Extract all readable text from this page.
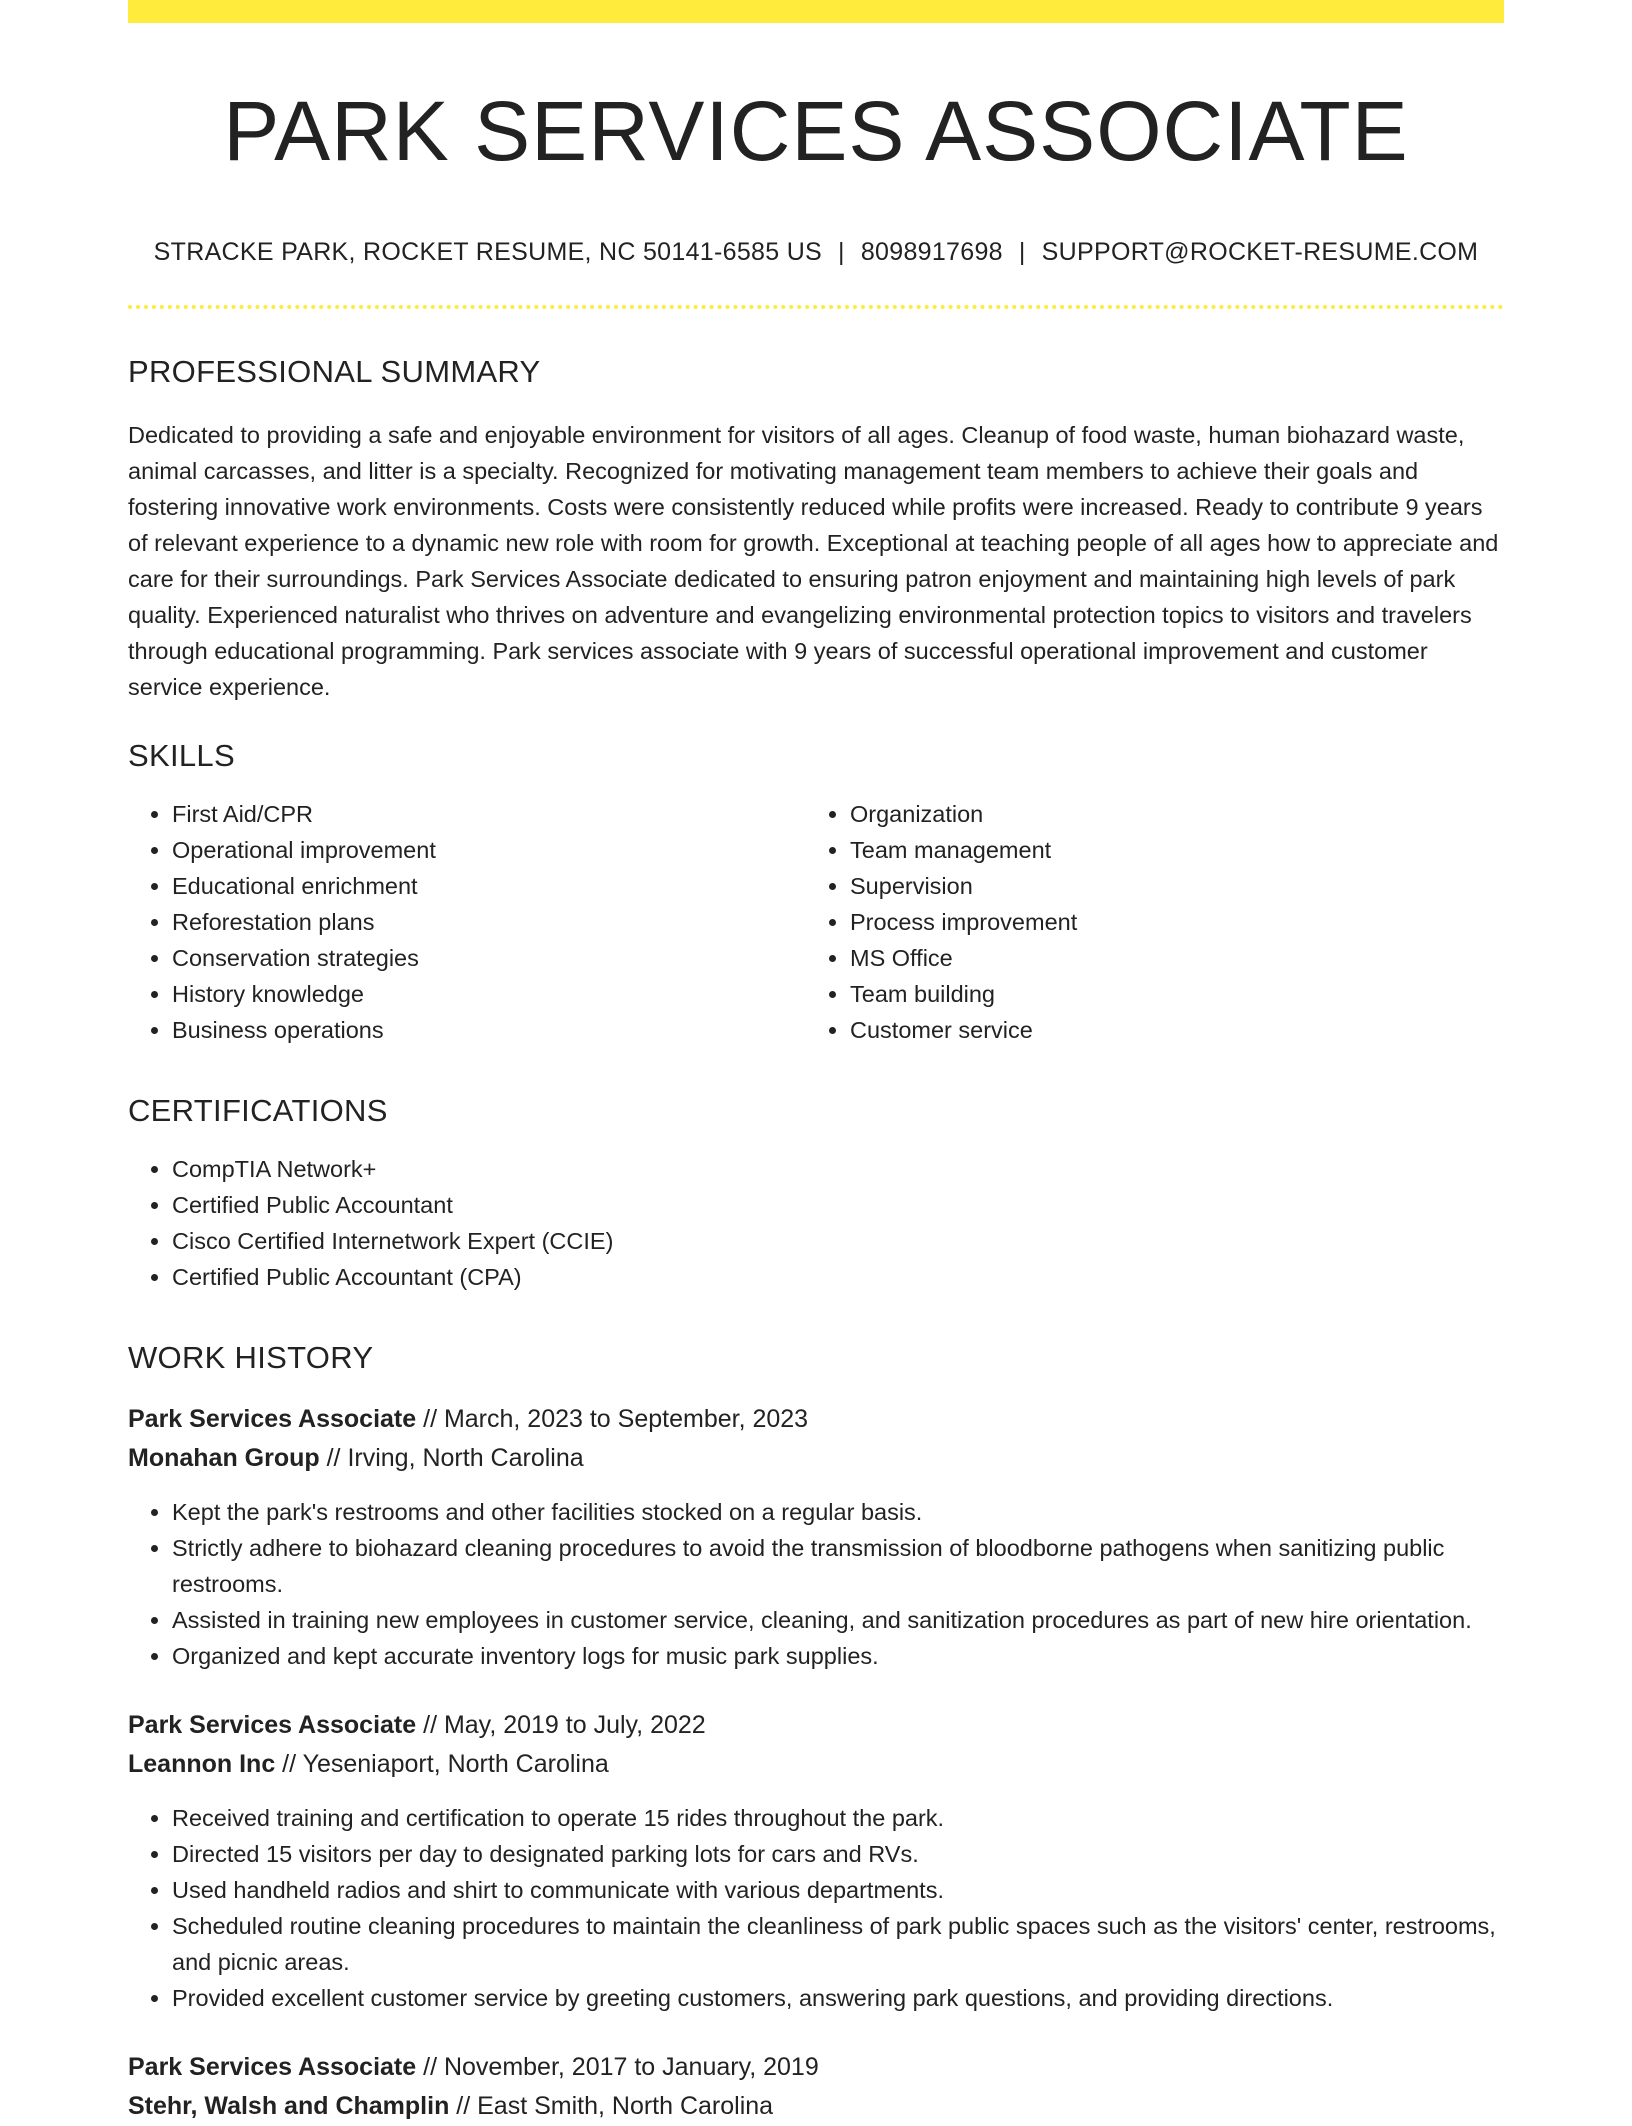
PARK SERVICES ASSOCIATE
STRACKE PARK, ROCKET RESUME, NC 50141-6585 US | 8098917698 | SUPPORT@ROCKET-RESUME.COM
PROFESSIONAL SUMMARY

Dedicated to providing a safe and enjoyable environment for visitors of all ages. Cleanup of food waste, human biohazard waste, animal carcasses, and litter is a specialty. Recognized for motivating management team members to achieve their goals and fostering innovative work environments. Costs were consistently reduced while profits were increased. Ready to contribute 9 years of relevant experience to a dynamic new role with room for growth. Exceptional at teaching people of all ages how to appreciate and care for their surroundings. Park Services Associate dedicated to ensuring patron enjoyment and maintaining high levels of park quality. Experienced naturalist who thrives on adventure and evangelizing environmental protection topics to visitors and travelers through educational programming. Park services associate with 9 years of successful operational improvement and customer service experience.

SKILLS
• First Aid/CPR
• Operational improvement
• Educational enrichment
• Reforestation plans
• Conservation strategies
• History knowledge
• Business operations
• Organization
• Team management
• Supervision
• Process improvement
• MS Office
• Team building
• Customer service
CERTIFICATIONS
• CompTIA Network+
• Certified Public Accountant
• Cisco Certified Internetwork Expert (CCIE)
• Certified Public Accountant (CPA)
WORK HISTORY
Park Services Associate // March, 2023 to September, 2023
Monahan Group // Irving, North Carolina
• Kept the park's restrooms and other facilities stocked on a regular basis.
• Strictly adhere to biohazard cleaning procedures to avoid the transmission of bloodborne pathogens when sanitizing public restrooms.
• Assisted in training new employees in customer service, cleaning, and sanitization procedures as part of new hire orientation.
• Organized and kept accurate inventory logs for music park supplies.
Park Services Associate // May, 2019 to July, 2022
Leannon Inc // Yeseniaport, North Carolina
• Received training and certification to operate 15 rides throughout the park.
• Directed 15 visitors per day to designated parking lots for cars and RVs.
• Used handheld radios and shirt to communicate with various departments.
• Scheduled routine cleaning procedures to maintain the cleanliness of park public spaces such as the visitors' center, restrooms, and picnic areas.
• Provided excellent customer service by greeting customers, answering park questions, and providing directions.
Park Services Associate // November, 2017 to January, 2019
Stehr, Walsh and Champlin // East Smith, North Carolina
